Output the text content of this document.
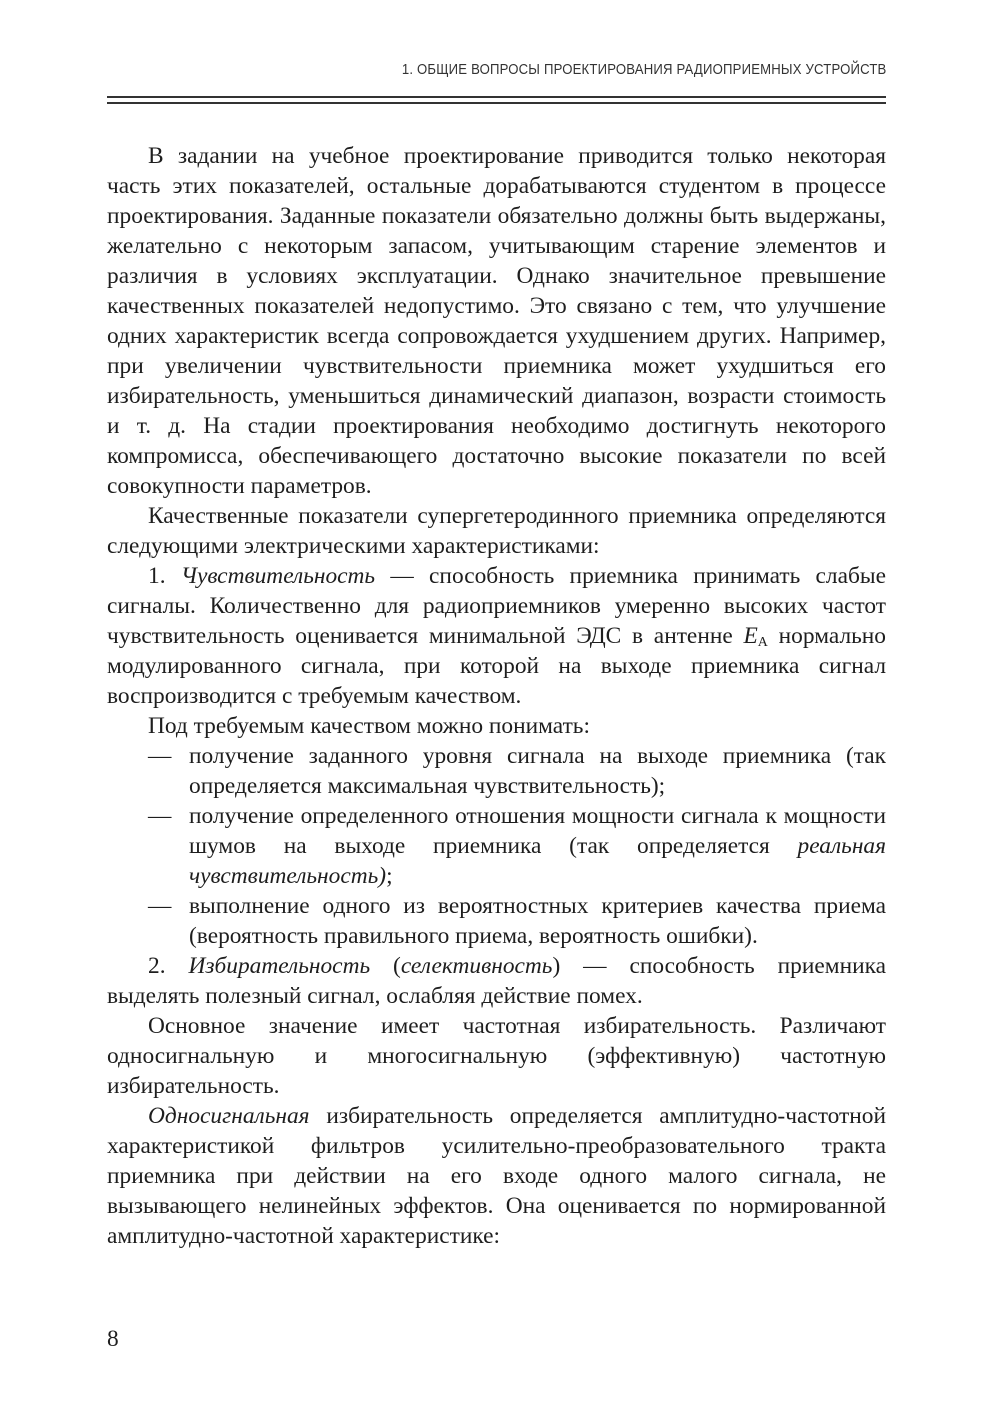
1. ОБЩИЕ ВОПРОСЫ ПРОЕКТИРОВАНИЯ РАДИОПРИЕМНЫХ УСТРОЙСТВ

В задании на учебное проектирование приводится только некоторая часть этих показателей, остальные дорабатываются студентом в процессе проектирования. Заданные показатели обязательно должны быть выдержаны, желательно с некоторым запасом, учитывающим старение элементов и различия в условиях эксплуатации. Однако значительное превышение качественных показателей недопустимо. Это связано с тем, что улучшение одних характеристик всегда сопровождается ухудшением других. Например, при увеличении чувствительности приемника может ухудшиться его избирательность, уменьшиться динамический диапазон, возрасти стоимость и т. д. На стадии проектирования необходимо достигнуть некоторого компромисса, обеспечивающего достаточно высокие показатели по всей совокупности параметров.

Качественные показатели супергетеродинного приемника определяются следующими электрическими характеристиками:

1. Чувствительность — способность приемника принимать слабые сигналы. Количественно для радиоприемников умеренно высоких частот чувствительность оценивается минимальной ЭДС в антенне $E_A$ нормально модулированного сигнала, при которой на выходе приемника сигнал воспроизводится с требуемым качеством.

Под требуемым качеством можно понимать:

— получение заданного уровня сигнала на выходе приемника (так определяется максимальная чувствительность);
— получение определенного отношения мощности сигнала к мощности шумов на выходе приемника (так определяется реальная чувствительность);
— выполнение одного из вероятностных критериев качества приема (вероятность правильного приема, вероятность ошибки).

2. Избирательность (селективность) — способность приемника выделять полезный сигнал, ослабляя действие помех.

Основное значение имеет частотная избирательность. Различают односигнальную и многосигнальную (эффективную) частотную избирательность.

Односигнальная избирательность определяется амплитудно-частотной характеристикой фильтров усилительно-преобразовательного тракта приемника при действии на его входе одного малого сигнала, не вызывающего нелинейных эффектов. Она оценивается по нормированной амплитудно-частотной характеристике:

8
